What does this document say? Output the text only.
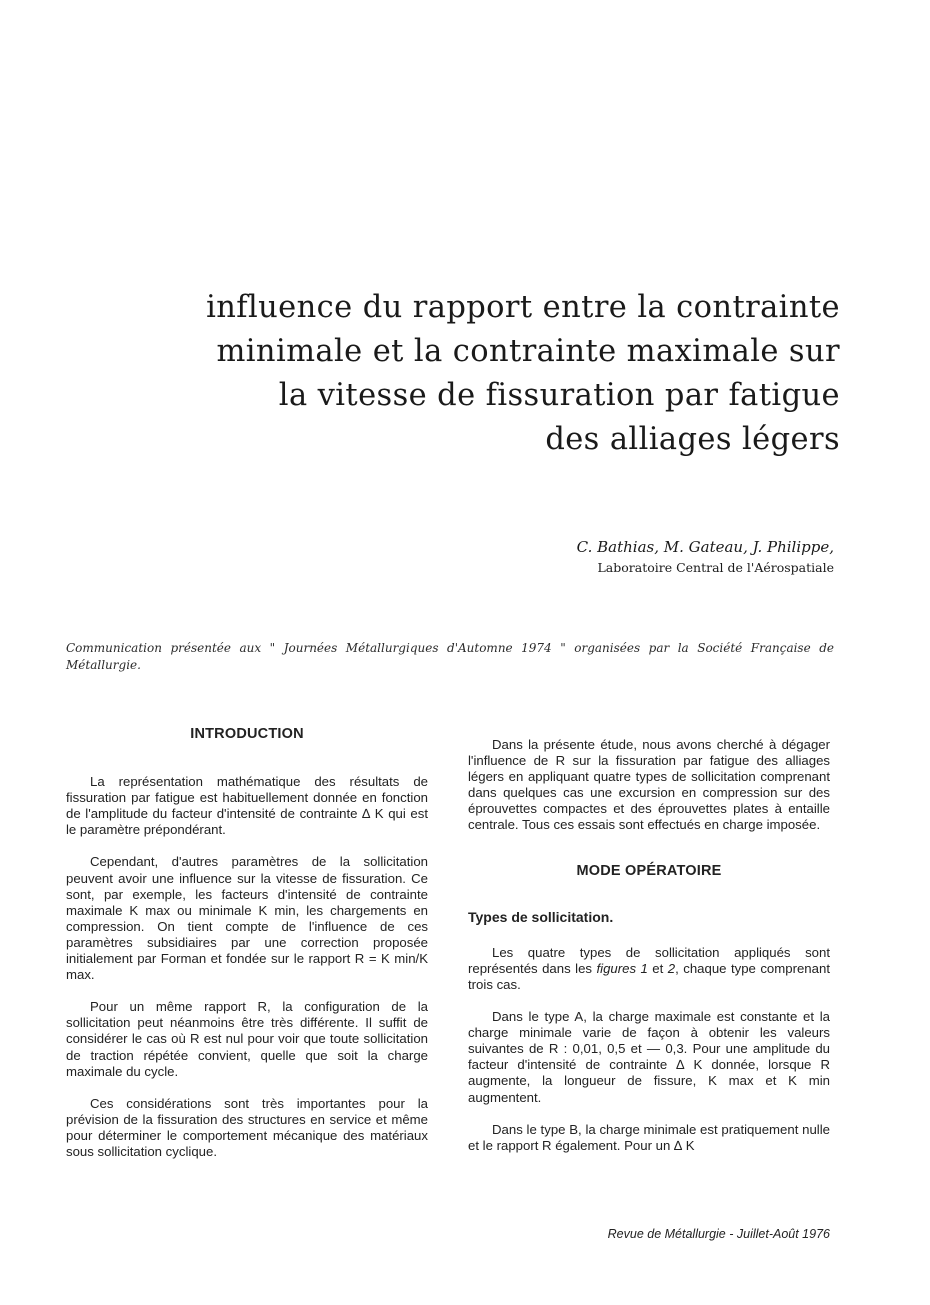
influence du rapport entre la contrainte
minimale et la contrainte maximale sur
la vitesse de fissuration par fatigue
des alliages légers
C. Bathias, M. Gateau, J. Philippe,
Laboratoire Central de l'Aérospatiale
Communication présentée aux " Journées Métallurgiques d'Automne 1974 " organisées par la Société Française de Métallurgie.
INTRODUCTION

La représentation mathématique des résultats de fissuration par fatigue est habituellement donnée en fonction de l'amplitude du facteur d'intensité de contrainte ∆ K qui est le paramètre prépondérant.

Cependant, d'autres paramètres de la sollicitation peuvent avoir une influence sur la vitesse de fissuration. Ce sont, par exemple, les facteurs d'intensité de contrainte maximale K max ou minimale K min, les chargements en compression. On tient compte de l'influence de ces paramètres subsidiaires par une correction proposée initialement par Forman et fondée sur le rapport R = K min/K max.

Pour un même rapport R, la configuration de la sollicitation peut néanmoins être très différente. Il suffit de considérer le cas où R est nul pour voir que toute sollicitation de traction répétée convient, quelle que soit la charge maximale du cycle.

Ces considérations sont très importantes pour la prévision de la fissuration des structures en service et même pour déterminer le comportement mécanique des matériaux sous sollicitation cyclique.

Dans la présente étude, nous avons cherché à dégager l'influence de R sur la fissuration par fatigue des alliages légers en appliquant quatre types de sollicitation comprenant dans quelques cas une excursion en compression sur des éprouvettes compactes et des éprouvettes plates à entaille centrale. Tous ces essais sont effectués en charge imposée.

MODE OPÉRATOIRE
Types de sollicitation.

Les quatre types de sollicitation appliqués sont représentés dans les figures 1 et 2, chaque type comprenant trois cas.

Dans le type A, la charge maximale est constante et la charge minimale varie de façon à obtenir les valeurs suivantes de R : 0,01, 0,5 et — 0,3. Pour une amplitude du facteur d'intensité de contrainte ∆ K donnée, lorsque R augmente, la longueur de fissure, K max et K min augmentent.

Dans le type B, la charge minimale est pratiquement nulle et le rapport R également. Pour un ∆ K

Revue de Métallurgie - Juillet-Août 1976
